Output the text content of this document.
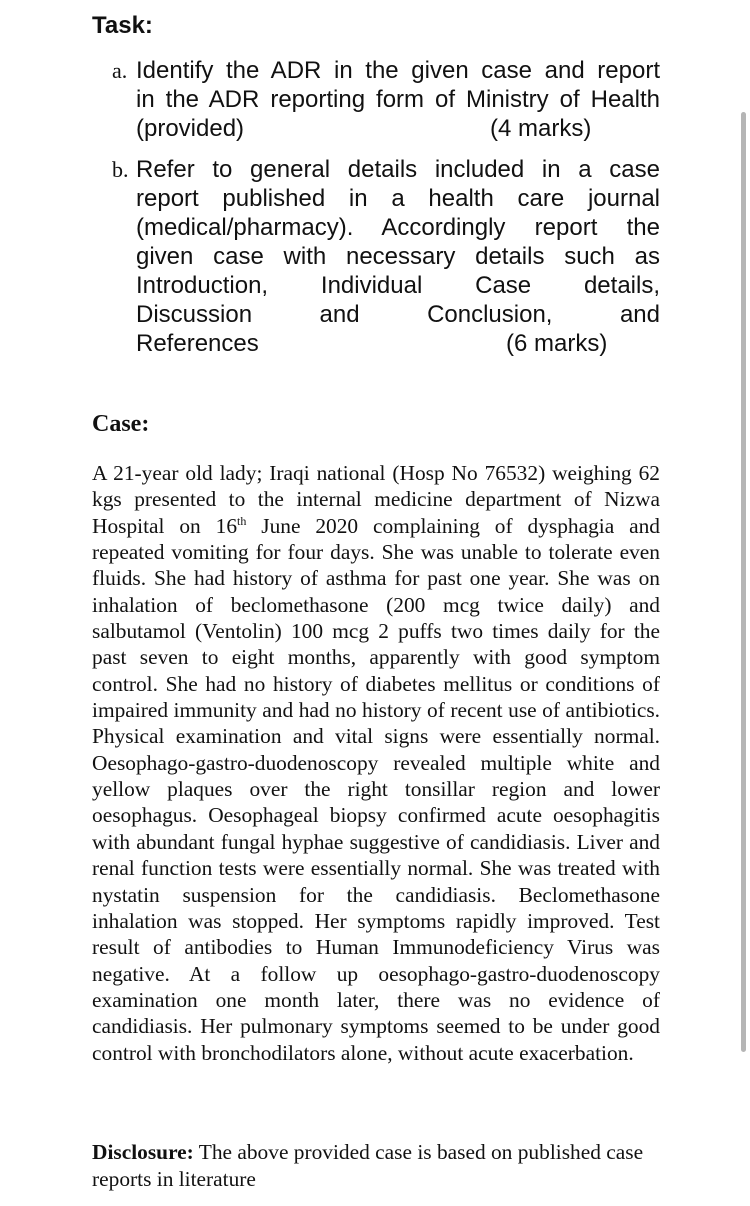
Task:
a. Identify the ADR in the given case and report
in the ADR reporting form of Ministry of Health
(provided)	(4 marks)
b. Refer to general details included in a case
report published in a health care journal
(medical/pharmacy). Accordingly report the
given case with necessary details such as
Introduction, Individual Case details,
Discussion and Conclusion, and
References	(6 marks)
Case:

A 21-year old lady; Iraqi national (Hosp No 76532) weighing 62 kgs presented to the internal medicine department of Nizwa Hospital on 16th June 2020 complaining of dysphagia and repeated vomiting for four days. She was unable to tolerate even fluids. She had history of asthma for past one year. She was on inhalation of beclomethasone (200 mcg twice daily) and salbutamol (Ventolin) 100 mcg 2 puffs two times daily for the past seven to eight months, apparently with good symptom control. She had no history of diabetes mellitus or conditions of impaired immunity and had no history of recent use of antibiotics. Physical examination and vital signs were essentially normal. Oesophago-gastro-duodenoscopy revealed multiple white and yellow plaques over the right tonsillar region and lower oesophagus. Oesophageal biopsy confirmed acute oesophagitis with abundant fungal hyphae suggestive of candidiasis. Liver and renal function tests were essentially normal. She was treated with nystatin suspension for the candidiasis. Beclomethasone inhalation was stopped. Her symptoms rapidly improved. Test result of antibodies to Human Immunodeficiency Virus was negative. At a follow up oesophago-gastro-duodenoscopy examination one month later, there was no evidence of candidiasis. Her pulmonary symptoms seemed to be under good control with bronchodilators alone, without acute exacerbation.

Disclosure: The above provided case is based on published case reports in literature
